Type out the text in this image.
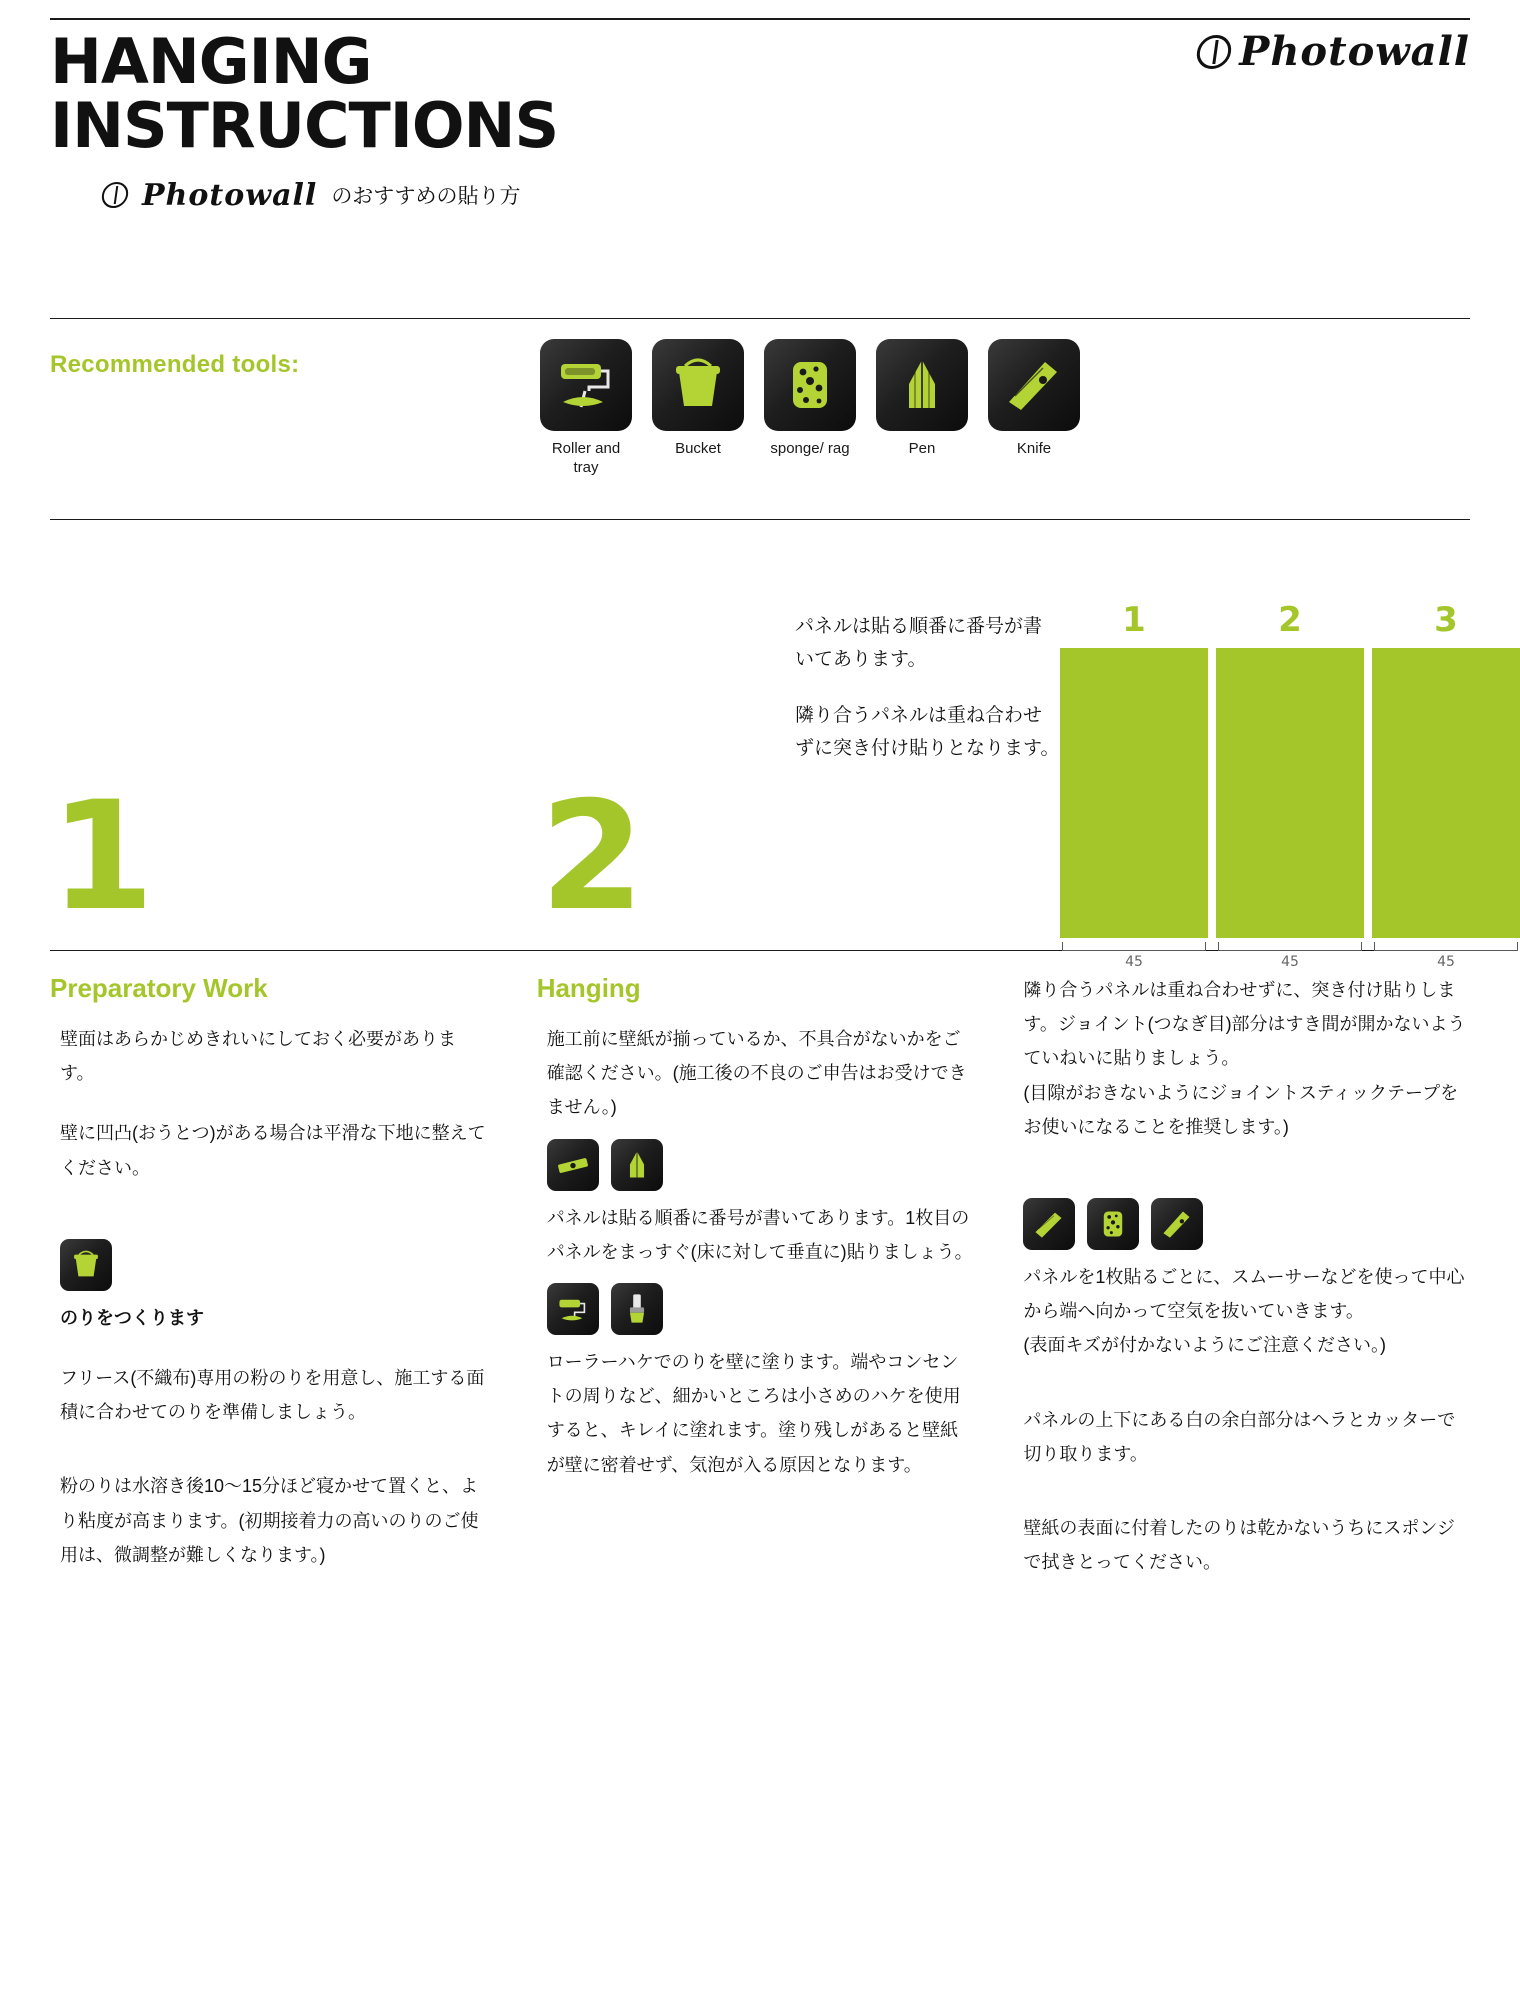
HANGING
INSTRUCTIONS
Photowall
Photowall のおすすめの貼り方
Recommended tools:
Roller and tray
Bucket	sponge/ rag	Pen	Knife
1	2

パネルは貼る順番に番号が書いてあります。

隣り合うパネルは重ね合わせずに突き付け貼りとなります。

1	2	3
45	45	45
Preparatory Work

壁面はあらかじめきれいにしておく必要があります。

壁に凹凸(おうとつ)がある場合は平滑な下地に整えてください。

のりをつくります

フリース(不織布)専用の粉のりを用意し、施工する面積に合わせてのりを準備しましょう。

粉のりは水溶き後10〜15分ほど寝かせて置くと、より粘度が高まります。(初期接着力の高いのりのご使用は、微調整が難しくなります。)

Hanging

施工前に壁紙が揃っているか、不具合がないかをご確認ください。(施工後の不良のご申告はお受けできません。)

パネルは貼る順番に番号が書いてあります。1枚目のパネルをまっすぐ(床に対して垂直に)貼りましょう。

ローラーハケでのりを壁に塗ります。端やコンセントの周りなど、細かいところは小さめのハケを使用すると、キレイに塗れます。塗り残しがあると壁紙が壁に密着せず、気泡が入る原因となります。

隣り合うパネルは重ね合わせずに、突き付け貼りします。ジョイント(つなぎ目)部分はすき間が開かないようていねいに貼りましょう。

(目隙がおきないようにジョイントスティックテープをお使いになることを推奨します。)

パネルを1枚貼るごとに、スムーサーなどを使って中心から端へ向かって空気を抜いていきます。

(表面キズが付かないようにご注意ください。)

パネルの上下にある白の余白部分はヘラとカッターで切り取ります。

壁紙の表面に付着したのりは乾かないうちにスポンジで拭きとってください。
